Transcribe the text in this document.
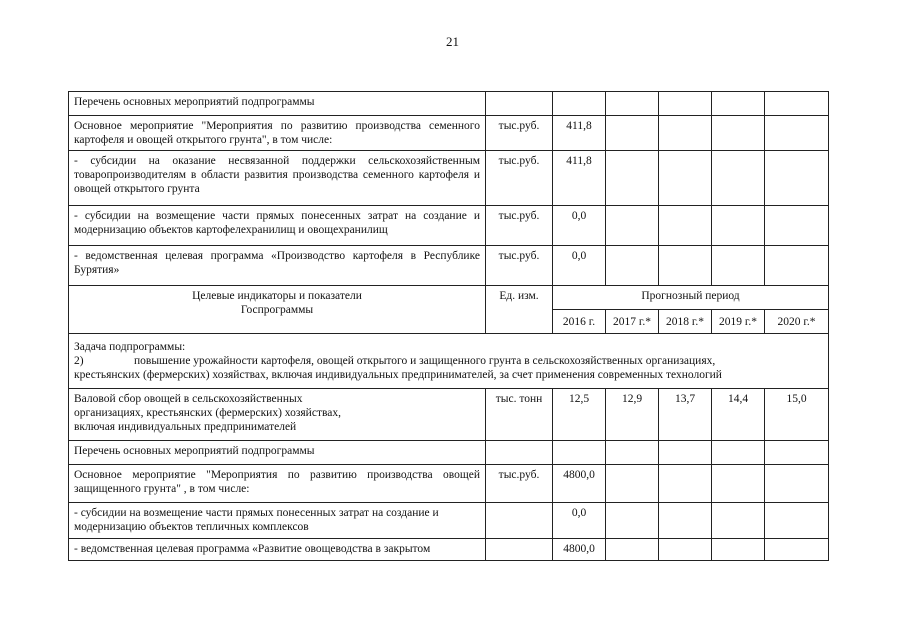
21
Перечень основных мероприятий подпрограммы						
Основное мероприятие "Мероприятия по развитию производства семенного картофеля и овощей открытого грунта", в том числе:	тыс.руб.	411,8				
- субсидии на оказание несвязанной поддержки сельскохозяйственным товаропроизводителям в области развития производства семенного картофеля и овощей открытого грунта	тыс.руб.	411,8				
- субсидии на возмещение части прямых понесенных затрат на создание и модернизацию объектов картофелехранилищ и овощехранилищ	тыс.руб.	0,0				
- ведомственная целевая программа «Производство картофеля в Республике Бурятия»	тыс.руб.	0,0				

Целевые индикаторы и показатели Госпрограммы	Ед. изм.	Прогнозный период				
		2016 г.	2017 г.*	2018 г.*	2019 г.*	2020 г.*

Задача подпрограммы:
2) повышение урожайности картофеля, овощей открытого и защищенного грунта в сельскохозяйственных организациях,
крестьянских (фермерских) хозяйствах, включая индивидуальных предпринимателей, за счет применения современных технологий						

Валовой сбор овощей в сельскохозяйственных организациях, крестьянских (фермерских) хозяйствах, включая индивидуальных предпринимателей	тыс. тонн	12,5	12,9	13,7	14,4	15,0
Перечень основных мероприятий подпрограммы						
Основное мероприятие "Мероприятия по развитию производства овощей защищенного грунта" , в том числе:	тыс.руб.	4800,0				
- субсидии на возмещение части прямых понесенных затрат на создание и модернизацию объектов тепличных комплексов		0,0				
- ведомственная целевая программа «Развитие овощеводства в закрытом		4800,0				
